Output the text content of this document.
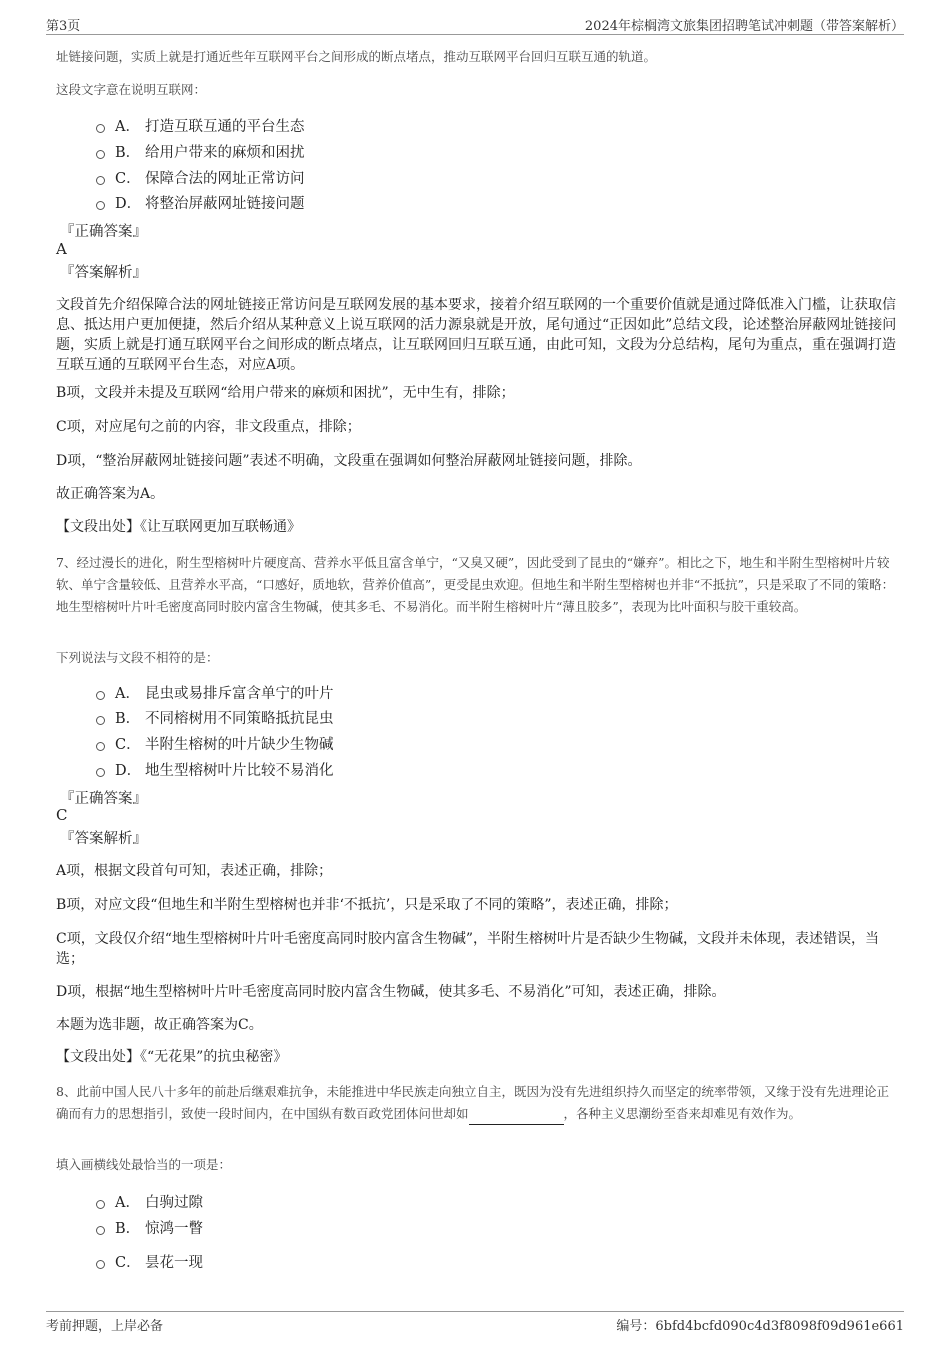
第3页	2024年棕榈湾文旅集团招聘笔试冲刺题（带答案解析）
址链接问题，实质上就是打通近些年互联网平台之间形成的断点堵点，推动互联网平台回归互联互通的轨道。
这段文字意在说明互联网：
A． 打造互联互通的平台生态
B． 给用户带来的麻烦和困扰
C． 保障合法的网址正常访问
D． 将整治屏蔽网址链接问题
『正确答案』
A
『答案解析』
文段首先介绍保障合法的网址链接正常访问是互联网发展的基本要求，接着介绍互联网的一个重要价值就是通过降低准入门槛，让获取信息、抵达用户更加便捷，然后介绍从某种意义上说互联网的活力源泉就是开放，尾句通过“正因如此”总结文段，论述整治屏蔽网址链接问题，实质上就是打通互联网平台之间形成的断点堵点，让互联网回归互联互通，由此可知，文段为分总结构，尾句为重点，重在强调打造互联互通的互联网平台生态，对应A项。
B项，文段并未提及互联网“给用户带来的麻烦和困扰”，无中生有，排除；
C项，对应尾句之前的内容，非文段重点，排除；
D项，“整治屏蔽网址链接问题”表述不明确，文段重在强调如何整治屏蔽网址链接问题，排除。
故正确答案为A。
【文段出处】《让互联网更加互联畅通》
7、经过漫长的进化，附生型榕树叶片硬度高、营养水平低且富含单宁，“又臭又硬”，因此受到了昆虫的“嫌弃”。相比之下，地生和半附生型榕树叶片较软、单宁含量较低、且营养水平高，“口感好，质地软，营养价值高”，更受昆虫欢迎。但地生和半附生型榕树也并非“不抵抗”，只是采取了不同的策略：地生型榕树叶片叶毛密度高同时胶内富含生物碱，使其多毛、不易消化。而半附生榕树叶片“薄且胶多”，表现为比叶面积与胶干重较高。
下列说法与文段不相符的是：
A． 昆虫或易排斥富含单宁的叶片
B． 不同榕树用不同策略抵抗昆虫
C． 半附生榕树的叶片缺少生物碱
D． 地生型榕树叶片比较不易消化
『正确答案』
C
『答案解析』
A项，根据文段首句可知，表述正确，排除；
B项，对应文段“但地生和半附生型榕树也并非‘不抵抗’，只是采取了不同的策略”，表述正确，排除；
C项，文段仅介绍“地生型榕树叶片叶毛密度高同时胶内富含生物碱”，半附生榕树叶片是否缺少生物碱，文段并未体现，表述错误，当选；
D项，根据“地生型榕树叶片叶毛密度高同时胶内富含生物碱，使其多毛、不易消化”可知，表述正确，排除。
本题为选非题，故正确答案为C。
【文段出处】《“无花果”的抗虫秘密》
8、此前中国人民八十多年的前赴后继艰难抗争，未能推进中华民族走向独立自主，既因为没有先进组织持久而坚定的统率带领，又缘于没有先进理论正确而有力的思想指引，致使一段时间内，在中国纵有数百政党团体问世却如	，各种主义思潮纷至沓来却难见有效作为。
填入画横线处最恰当的一项是：
A． 白驹过隙
B． 惊鸿一瞥
C． 昙花一现
考前押题，上岸必备	编号：6bfd4bcfd090c4d3f8098f09d961e661
